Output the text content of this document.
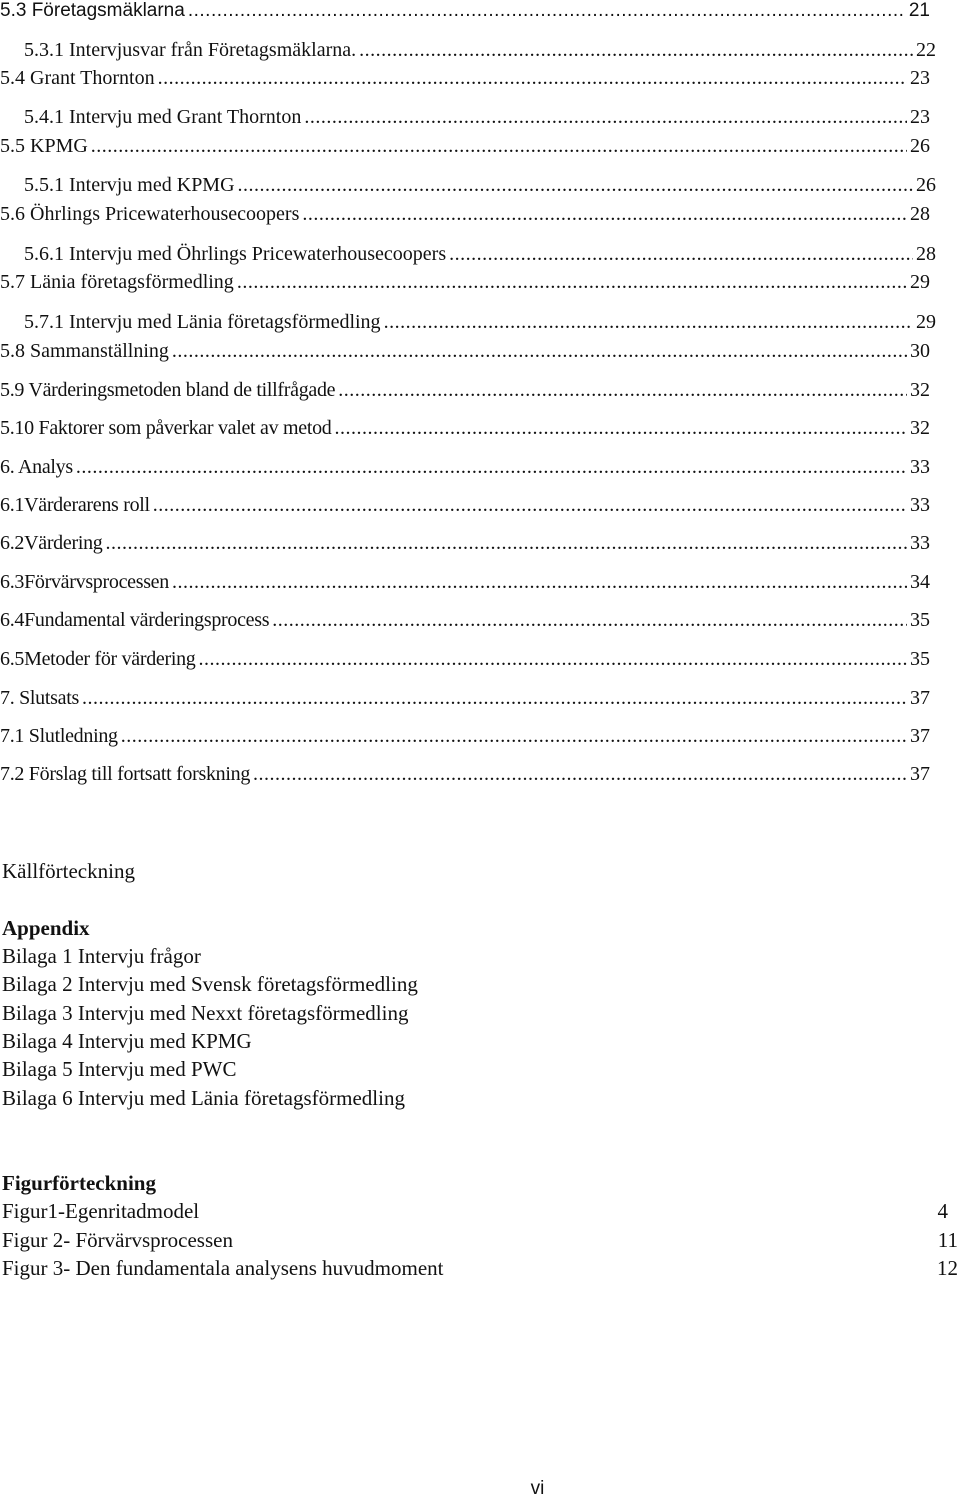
5.3 Företagsmäklarna .....	21
5.3.1 Intervjusvar från Företagsmäklarna. .....	22
5.4 Grant Thornton .....	23
5.4.1 Intervju med Grant Thornton .....	23
5.5 KPMG .....	26
5.5.1 Intervju med KPMG .....	26
5.6 Öhrlings Pricewaterhousecoopers .....	28
5.6.1 Intervju med Öhrlings Pricewaterhousecoopers .....	28
5.7 Länia företagsförmedling .....	29
5.7.1 Intervju med Länia företagsförmedling .....	29
5.8 Sammanställning .....	30
5.9 Värderingsmetoden bland de tillfrågade .....	32
5.10 Faktorer som påverkar valet av metod .....	32
6. Analys .....	33
6.1Värderarens roll .....	33
6.2Värdering .....	33
6.3Förvärvsprocessen .....	34
6.4Fundamental värderingsprocess .....	35
6.5Metoder för värdering .....	35
7. Slutsats .....	37
7.1 Slutledning .....	37
7.2 Förslag till fortsatt forskning .....	37
Källförteckning
Appendix
Bilaga 1 Intervju frågor
Bilaga 2 Intervju med Svensk företagsförmedling
Bilaga 3 Intervju med Nexxt företagsförmedling
Bilaga 4 Intervju med KPMG
Bilaga 5 Intervju med PWC
Bilaga 6 Intervju med Länia företagsförmedling
Figurförteckning
Figur1-Egenritadmodel	4
Figur 2- Förvärvsprocessen	11
Figur 3- Den fundamentala analysens huvudmoment	12
vi
